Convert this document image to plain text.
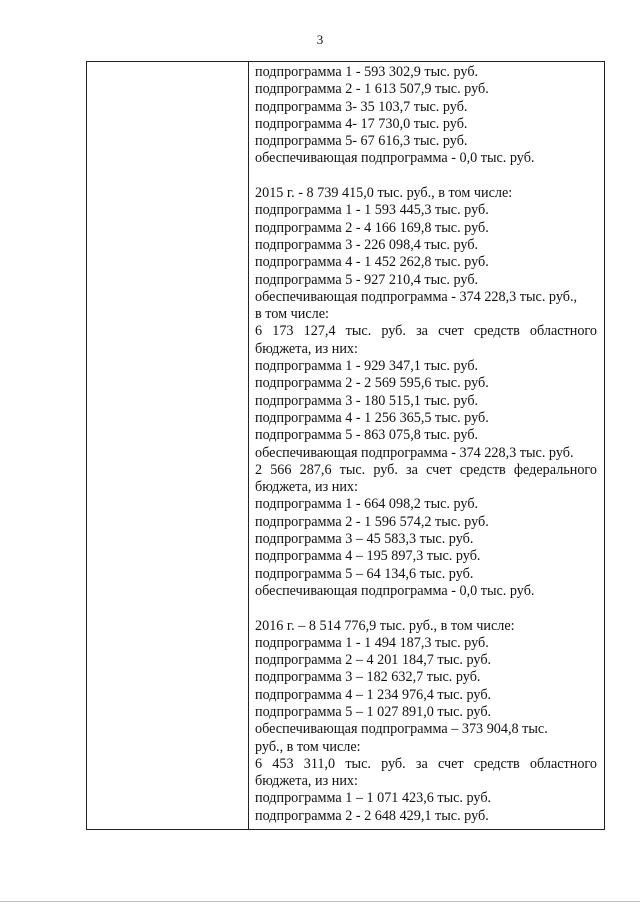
3
подпрограмма 1 - 593 302,9 тыс. руб.
подпрограмма 2 - 1 613 507,9 тыс. руб.
подпрограмма 3- 35 103,7 тыс. руб.
подпрограмма 4- 17 730,0 тыс. руб.
подпрограмма 5- 67 616,3 тыс. руб.
обеспечивающая подпрограмма - 0,0 тыс. руб.
2015 г. - 8 739 415,0 тыс. руб., в том числе:
подпрограмма 1 - 1 593 445,3 тыс. руб.
подпрограмма 2 - 4 166 169,8 тыс. руб.
подпрограмма 3 - 226 098,4 тыс. руб.
подпрограмма 4 - 1 452 262,8 тыс. руб.
подпрограмма 5 - 927 210,4 тыс. руб.
обеспечивающая подпрограмма - 374 228,3 тыс. руб.,
в том числе:
6 173 127,4 тыс. руб. за счет средств областного
бюджета, из них:
подпрограмма 1 - 929 347,1 тыс. руб.
подпрограмма 2 - 2 569 595,6 тыс. руб.
подпрограмма 3 - 180 515,1 тыс. руб.
подпрограмма 4 - 1 256 365,5 тыс. руб.
подпрограмма 5 - 863 075,8 тыс. руб.
обеспечивающая подпрограмма - 374 228,3 тыс. руб.
2 566 287,6 тыс. руб. за счет средств федерального
бюджета, из них:
подпрограмма 1 - 664 098,2 тыс. руб.
подпрограмма 2 - 1 596 574,2 тыс. руб.
подпрограмма 3 – 45 583,3 тыс. руб.
подпрограмма 4 – 195 897,3 тыс. руб.
подпрограмма 5 – 64 134,6 тыс. руб.
обеспечивающая подпрограмма - 0,0 тыс. руб.
2016 г. – 8 514 776,9 тыс. руб., в том числе:
подпрограмма 1 - 1 494 187,3 тыс. руб.
подпрограмма 2 – 4 201 184,7 тыс. руб.
подпрограмма 3 – 182 632,7 тыс. руб.
подпрограмма 4 – 1 234 976,4 тыс. руб.
подпрограмма 5 – 1 027 891,0 тыс. руб.
обеспечивающая подпрограмма – 373 904,8 тыс.
руб., в том числе:
6 453 311,0 тыс. руб. за счет средств областного
бюджета, из них:
подпрограмма 1 – 1 071 423,6 тыс. руб.
подпрограмма 2 - 2 648 429,1 тыс. руб.
